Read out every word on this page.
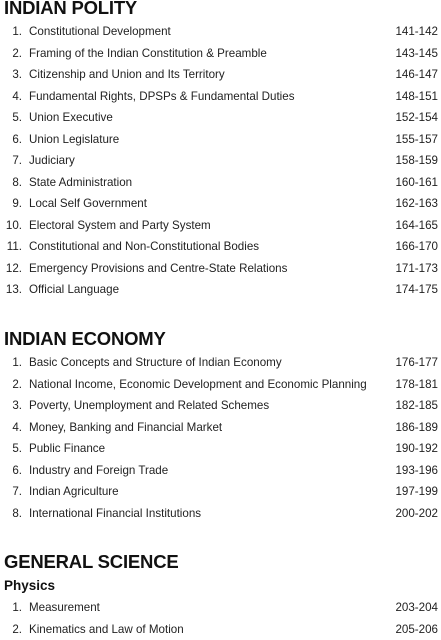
INDIAN POLITY
1. Constitutional Development	141-142
2. Framing of the Indian Constitution & Preamble	143-145
3. Citizenship and Union and Its Territory	146-147
4. Fundamental Rights, DPSPs & Fundamental Duties	148-151
5. Union Executive	152-154
6. Union Legislature	155-157
7. Judiciary	158-159
8. State Administration	160-161
9. Local Self Government	162-163
10. Electoral System and Party System	164-165
11. Constitutional and Non-Constitutional Bodies	166-170
12. Emergency Provisions and Centre-State Relations	171-173
13. Official Language	174-175
INDIAN ECONOMY
1. Basic Concepts and Structure of Indian Economy	176-177
2. National Income, Economic Development and Economic Planning 178-181
3. Poverty, Unemployment and Related Schemes	182-185
4. Money, Banking and Financial Market	186-189
5. Public Finance	190-192
6. Industry and Foreign Trade	193-196
7. Indian Agriculture	197-199
8. International Financial Institutions	200-202
GENERAL SCIENCE
Physics
1. Measurement	203-204
2. Kinematics and Law of Motion	205-206
